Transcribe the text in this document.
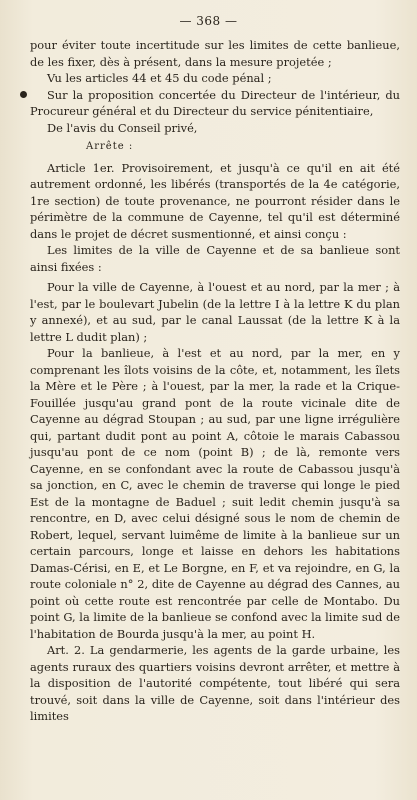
— 368 —

pour éviter toute incertitude sur les limites de cette banlieue, de les fixer, dès à présent, dans la mesure projetée ;

Vu les articles 44 et 45 du code pénal ;

Sur la proposition concertée du Directeur de l'intérieur, du Procureur général et du Directeur du service pénitentiaire,

De l'avis du Conseil privé,

Arrête :

Article 1er. Provisoirement, et jusqu'à ce qu'il en ait été autrement ordonné, les libérés (transportés de la 4e catégorie, 1re section) de toute provenance, ne pourront résider dans le périmètre de la commune de Cayenne, tel qu'il est déterminé dans le projet de décret susmentionné, et ainsi conçu :

Les limites de la ville de Cayenne et de sa banlieue sont ainsi fixées :

Pour la ville de Cayenne, à l'ouest et au nord, par la mer ; à l'est, par le boulevart Jubelin (de la lettre I à la lettre K du plan y annexé), et au sud, par le canal Laussat (de la lettre K à la lettre L dudit plan) ;

Pour la banlieue, à l'est et au nord, par la mer, en y comprenant les îlots voisins de la côte, et, notamment, les îlets la Mère et le Père ; à l'ouest, par la mer, la rade et la Crique-Fouillée jusqu'au grand pont de la route vicinale dite de Cayenne au dégrad Stoupan ; au sud, par une ligne irrégulière qui, partant dudit pont au point A, côtoie le marais Cabassou jusqu'au pont de ce nom (point B) ; de là, remonte vers Cayenne, en se confondant avec la route de Cabassou jusqu'à sa jonction, en C, avec le chemin de traverse qui longe le pied Est de la montagne de Baduel ; suit ledit chemin jusqu'à sa rencontre, en D, avec celui désigné sous le nom de chemin de Robert, lequel, servant luimême de limite à la banlieue sur un certain parcours, longe et laisse en dehors les habitations Damas-Cérisi, en E, et Le Borgne, en F, et va rejoindre, en G, la route coloniale n° 2, dite de Cayenne au dégrad des Cannes, au point où cette route est rencontrée par celle de Montabo. Du point G, la limite de la banlieue se confond avec la limite sud de l'habitation de Bourda jusqu'à la mer, au point H.

Art. 2. La gendarmerie, les agents de la garde urbaine, les agents ruraux des quartiers voisins devront arrêter, et mettre à la disposition de l'autorité compétente, tout libéré qui sera trouvé, soit dans la ville de Cayenne, soit dans l'intérieur des limites
